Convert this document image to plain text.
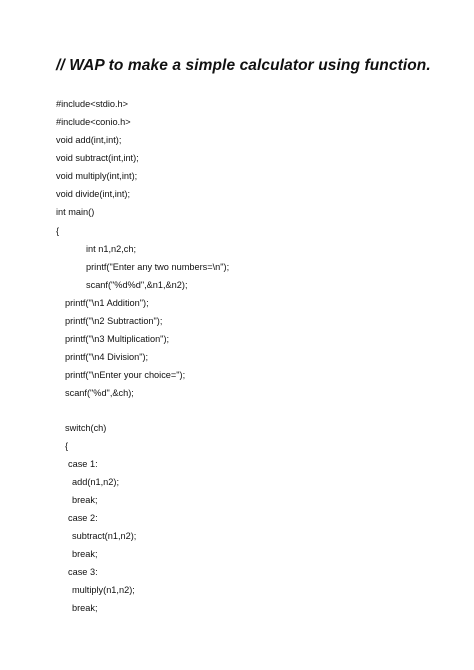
// WAP to make a simple calculator using function.
#include<stdio.h>
#include<conio.h>
void add(int,int);
void subtract(int,int);
void multiply(int,int);
void divide(int,int);
int main()
{
int n1,n2,ch;
printf("Enter any two numbers=\n");
scanf("%d%d",&n1,&n2);
printf("\n1 Addition");
printf("\n2 Subtraction");
printf("\n3 Multiplication");
printf("\n4 Division");
printf("\nEnter your choice=");
scanf("%d",&ch);
switch(ch)
{
case 1:
add(n1,n2);
break;
case 2:
subtract(n1,n2);
break;
case 3:
multiply(n1,n2);
break;
